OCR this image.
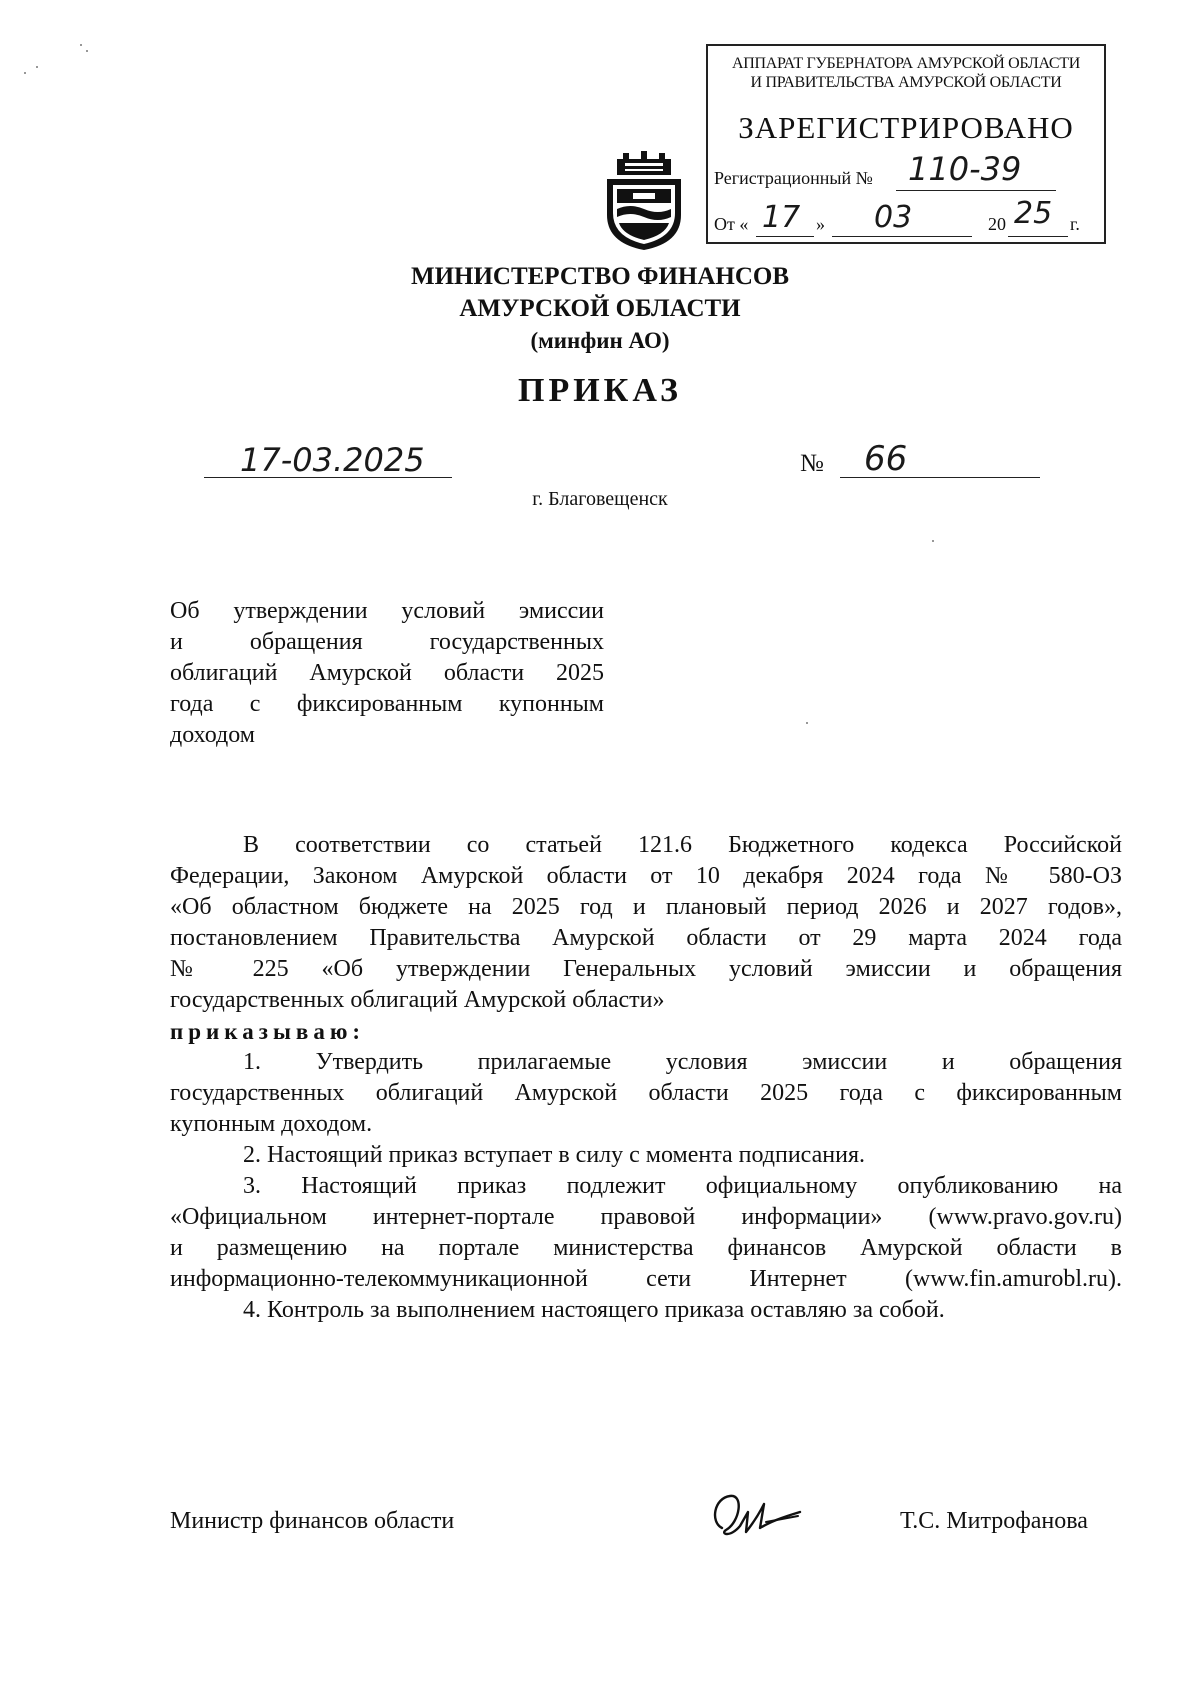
АППАРАТ ГУБЕРНАТОРА АМУРСКОЙ ОБЛАСТИ
И ПРАВИТЕЛЬСТВА АМУРСКОЙ ОБЛАСТИ
ЗАРЕГИСТРИРОВАНО
Регистрационный № 110-39
От « 17 » 03	20 25 г.
МИНИСТЕРСТВО ФИНАНСОВ
АМУРСКОЙ ОБЛАСТИ
(минфин АО)
ПРИКАЗ
17-03.2025	№ 66
г. Благовещенск
Об утверждении условий эмиссии
и обращения государственных
облигаций Амурской области 2025
года с фиксированным купонным
доходом

В соответствии со статьей 121.6 Бюджетного кодекса Российской

Федерации, Законом Амурской области от 10 декабря 2024 года № 580-ОЗ

«Об областном бюджете на 2025 год и плановый период 2026 и 2027 годов»,

постановлением Правительства Амурской области от 29 марта 2024 года

№ 225 «Об утверждении Генеральных условий эмиссии и обращения

государственных облигаций Амурской области»

приказываю:

1. Утвердить прилагаемые условия эмиссии и обращения

государственных облигаций Амурской области 2025 года с фиксированным

купонным доходом.

2. Настоящий приказ вступает в силу с момента подписания.

3. Настоящий приказ подлежит официальному опубликованию на

«Официальном интернет-портале правовой информации» (www.pravo.gov.ru)

и размещению на портале министерства финансов Амурской области в

информационно-телекоммуникационной сети Интернет (www.fin.amurobl.ru).

4. Контроль за выполнением настоящего приказа оставляю за собой.

Министр финансов области	Т.С. Митрофанова
